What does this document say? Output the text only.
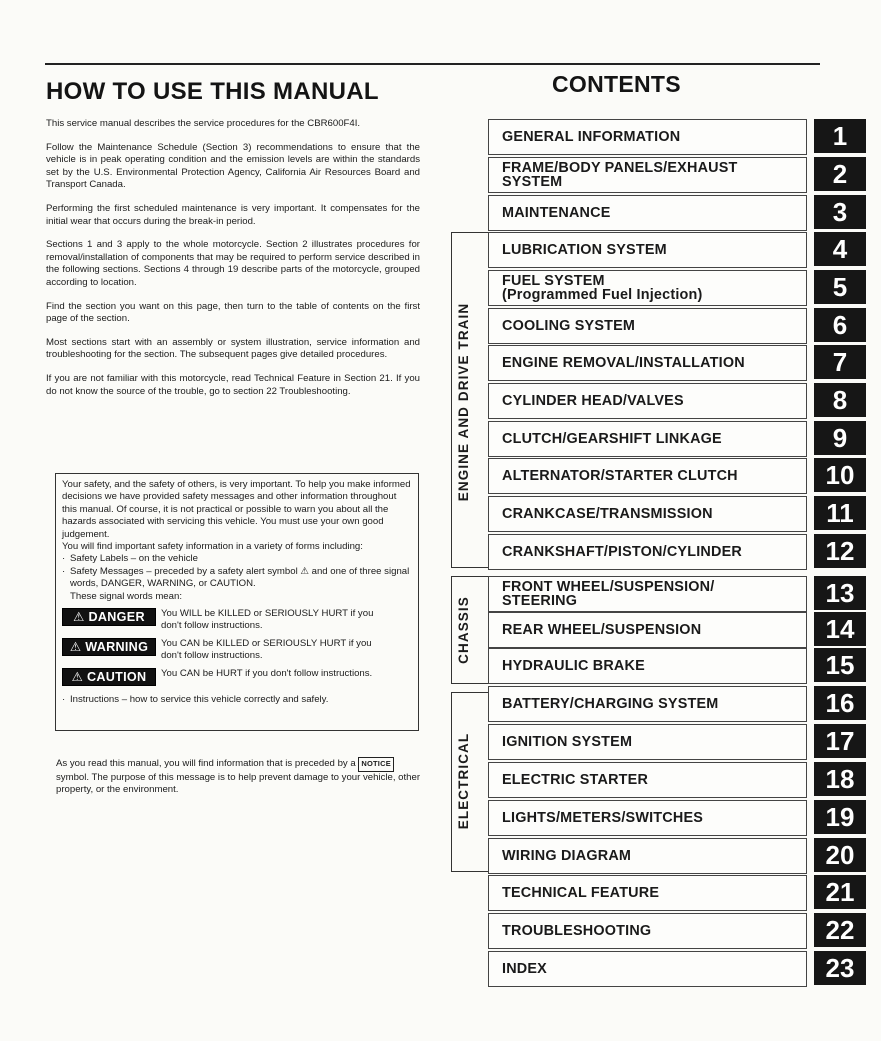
HOW TO USE THIS MANUAL	CONTENTS

This service manual describes the service procedures for the CBR600F4I.

Follow the Maintenance Schedule (Section 3) recommendations to ensure that the vehicle is in peak operating condition and the emission levels are within the standards set by the U.S. Environmental Protection Agency, California Air Resources Board and Transport Canada.

Performing the first scheduled maintenance is very important. It compensates for the initial wear that occurs during the break-in period.

Sections 1 and 3 apply to the whole motorcycle. Section 2 illustrates procedures for removal/installation of components that may be required to perform service described in the following sections. Sections 4 through 19 describe parts of the motorcycle, grouped according to location.

Find the section you want on this page, then turn to the table of contents on the first page of the section.

Most sections start with an assembly or system illustration, service information and troubleshooting for the section. The subsequent pages give detailed procedures.

If you are not familiar with this motorcycle, read Technical Feature in Section 21. If you do not know the source of the trouble, go to section 22 Troubleshooting.

Your safety, and the safety of others, is very important. To help you make informed decisions we have provided safety messages and other information throughout this manual. Of course, it is not practical or possible to warn you about all the hazards associated with servicing this vehicle. You must use your own good judgement.

You will find important safety information in a variety of forms including:

· Safety Labels – on the vehicle
· Safety Messages – preceded by a safety alert symbol ⚠ and one of three signal words, DANGER, WARNING, or CAUTION.

These signal words mean:

⚠ DANGER	You WILL be KILLED or SERIOUSLY HURT if you don't follow instructions.
⚠ WARNING	You CAN be KILLED or SERIOUSLY HURT if you don't follow instructions.
⚠ CAUTION	You CAN be HURT if you don't follow instructions.
· Instructions – how to service this vehicle correctly and safely.
As you read this manual, you will find information that is preceded by a NOTICE symbol. The purpose of this message is to help prevent damage to your vehicle, other property, or the environment.
ENGINE AND DRIVE TRAIN
CHASSIS
ELECTRICAL
GENERAL INFORMATION	1
FRAME/BODY PANELS/EXHAUST
SYSTEM	2
MAINTENANCE	3
LUBRICATION SYSTEM	4
FUEL SYSTEM
(Programmed Fuel Injection)	5
COOLING SYSTEM	6
ENGINE REMOVAL/INSTALLATION	7
CYLINDER HEAD/VALVES	8
CLUTCH/GEARSHIFT LINKAGE	9
ALTERNATOR/STARTER CLUTCH	10
CRANKCASE/TRANSMISSION	11
CRANKSHAFT/PISTON/CYLINDER	12
FRONT WHEEL/SUSPENSION/
STEERING	13
REAR WHEEL/SUSPENSION	14
HYDRAULIC BRAKE	15
BATTERY/CHARGING SYSTEM	16
IGNITION SYSTEM	17
ELECTRIC STARTER	18
LIGHTS/METERS/SWITCHES	19
WIRING DIAGRAM	20
TECHNICAL FEATURE	21
TROUBLESHOOTING	22
INDEX	23
